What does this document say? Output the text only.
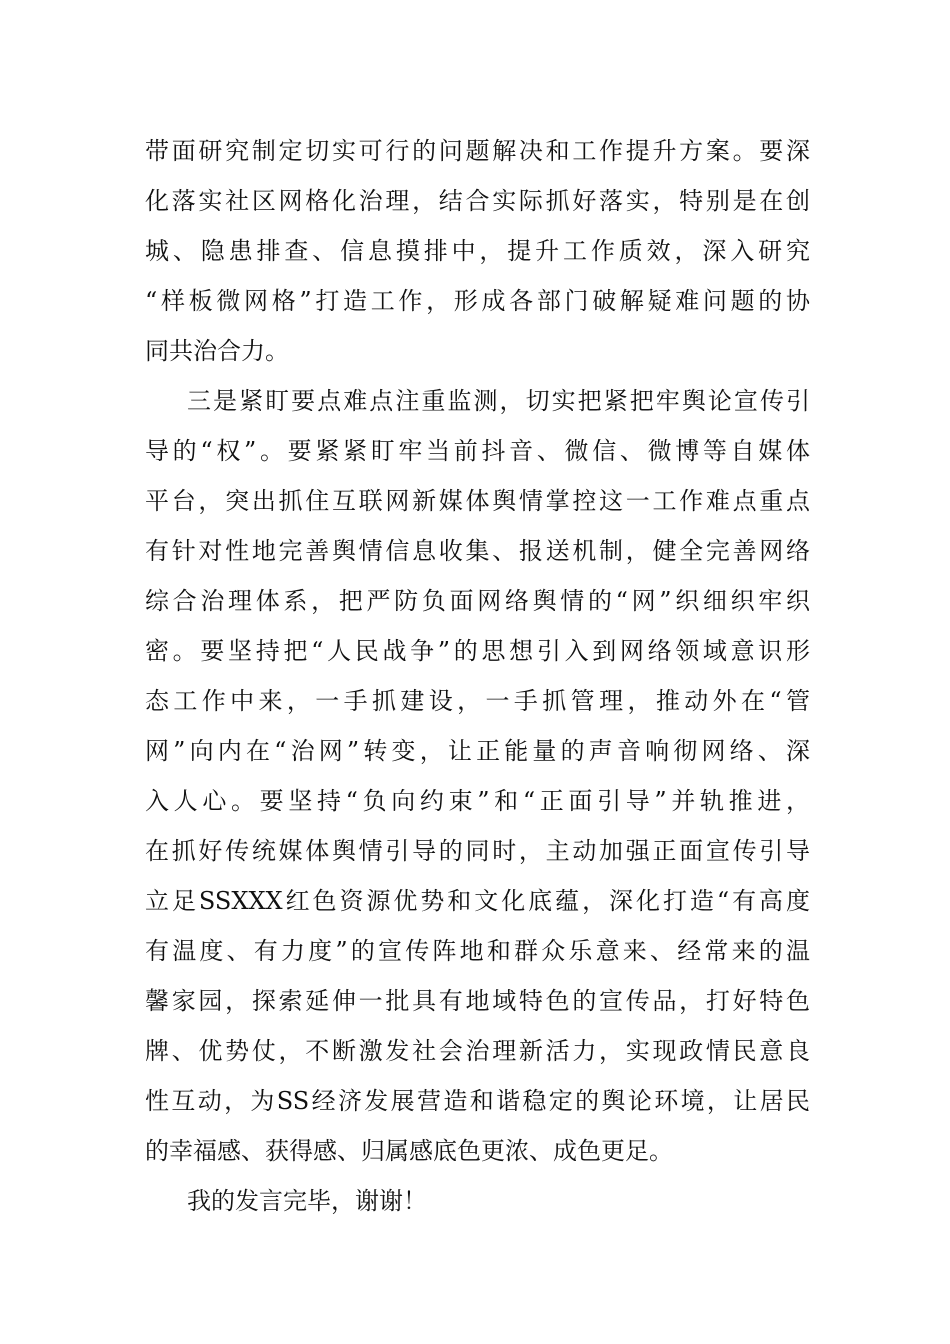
带面研究制定切实可行的问题解决和工作提升方案。要深
化落实社区网格化治理，结合实际抓好落实，特别是在创
城、隐患排查、信息摸排中，提升工作质效，深入研究
“样板微网格”打造工作，形成各部门破解疑难问题的协
同共治合力。
三是紧盯要点难点注重监测，切实把紧把牢舆论宣传引
导的“权”。要紧紧盯牢当前抖音、微信、微博等自媒体
平台，突出抓住互联网新媒体舆情掌控这一工作难点重点
有针对性地完善舆情信息收集、报送机制，健全完善网络
综合治理体系，把严防负面网络舆情的“网”织细织牢织
密。要坚持把“人民战争”的思想引入到网络领域意识形
态工作中来，一手抓建设，一手抓管理，推动外在“管
网”向内在“治网”转变，让正能量的声音响彻网络、深
入人心。要坚持“负向约束”和“正面引导”并轨推进，
在抓好传统媒体舆情引导的同时，主动加强正面宣传引导
立足SSXXX红色资源优势和文化底蕴，深化打造“有高度
有温度、有力度”的宣传阵地和群众乐意来、经常来的温
馨家园，探索延伸一批具有地域特色的宣传品，打好特色
牌、优势仗，不断激发社会治理新活力，实现政情民意良
性互动，为SS经济发展营造和谐稳定的舆论环境，让居民
的幸福感、获得感、归属感底色更浓、成色更足。
我的发言完毕，谢谢！
